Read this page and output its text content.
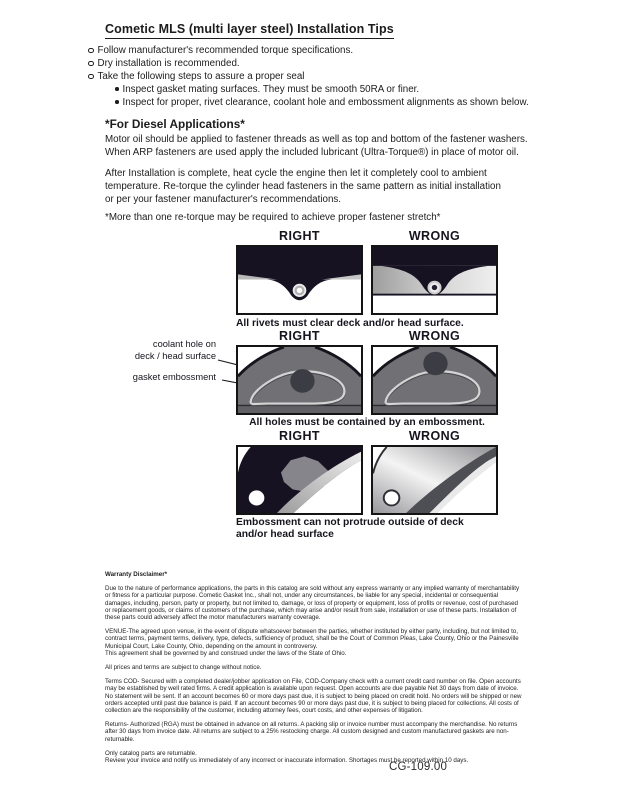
Cometic MLS (multi layer steel) Installation Tips
Follow manufacturer's recommended torque specifications.
Dry installation is recommended.
Take the following steps to assure a proper seal
Inspect gasket mating surfaces. They must be smooth 50RA or finer.
Inspect for proper, rivet clearance, coolant hole and embossment alignments as shown below.
*For Diesel Applications*
Motor oil should be applied to fastener threads as well as top and bottom of the fastener washers.
When ARP fasteners are used apply the included lubricant (Ultra-Torque®) in place of motor oil.
After Installation is complete, heat cycle the engine then let it completely cool to ambient
temperature. Re-torque the cylinder head fasteners in the same pattern as initial installation
or per your fastener manufacturer's recommendations.
*More than one re-torque may be required to achieve proper fastener stretch*
RIGHT	WRONG
All rivets must clear deck and/or head surface.
coolant hole on
deck / head surface
gasket embossment
RIGHT	WRONG
All holes must be contained by an embossment.
RIGHT	WRONG
Embossment can not protrude outside of deck
and/or head surface
Warranty Disclaimer*

Due to the nature of performance applications, the parts in this catalog are sold without any express warranty or any implied warranty of merchantability or fitness for a particular purpose. Cometic Gasket Inc., shall not, under any circumstances, be liable for any special, incidental or consequential damages, including, person, party or property, but not limited to, damage, or loss of property or equipment, loss of profits or revenue, cost of purchased or replacement goods, or claims of customers of the purchase, which may arise and/or result from sale, installation or use of these parts. Installation of these parts could adversely affect the motor manufacturers warranty coverage.

VENUE-The agreed upon venue, in the event of dispute whatsoever between the parties, whether instituted by either party, including, but not limited to, contract terms, payment terms, delivery, type, defects, sufficiency of product, shall be the Court of Common Pleas, Lake County, Ohio or the Painesville Municipal Court, Lake County, Ohio, depending on the amount in controversy.

This agreement shall be governed by and construed under the laws of the State of Ohio.

All prices and terms are subject to change without notice.

Terms COD- Secured with a completed dealer/jobber application on File, COD-Company check with a current credit card number on file. Open accounts may be established by well rated firms. A credit application is available upon request. Open accounts are due payable Net 30 days from date of invoice. No statement will be sent. If an account becomes 60 or more days past due, it is subject to being placed on credit hold. No orders will be shipped or new orders accepted until past due balance is paid. If an account becomes 90 or more days past due, it is subject to being placed for collections. All costs of collection are the responsibility of the customer, including attorney fees, court costs, and other expenses of litigation.

Returns- Authorized (RGA) must be obtained in advance on all returns. A packing slip or invoice number must accompany the merchandise. No returns after 30 days from invoice date. All returns are subject to a 25% restocking charge. All custom designed and custom manufactured gaskets are non-returnable.

Only catalog parts are returnable.

Review your invoice and notify us immediately of any incorrect or inaccurate information. Shortages must be reported within 10 days.

CG-109.00
